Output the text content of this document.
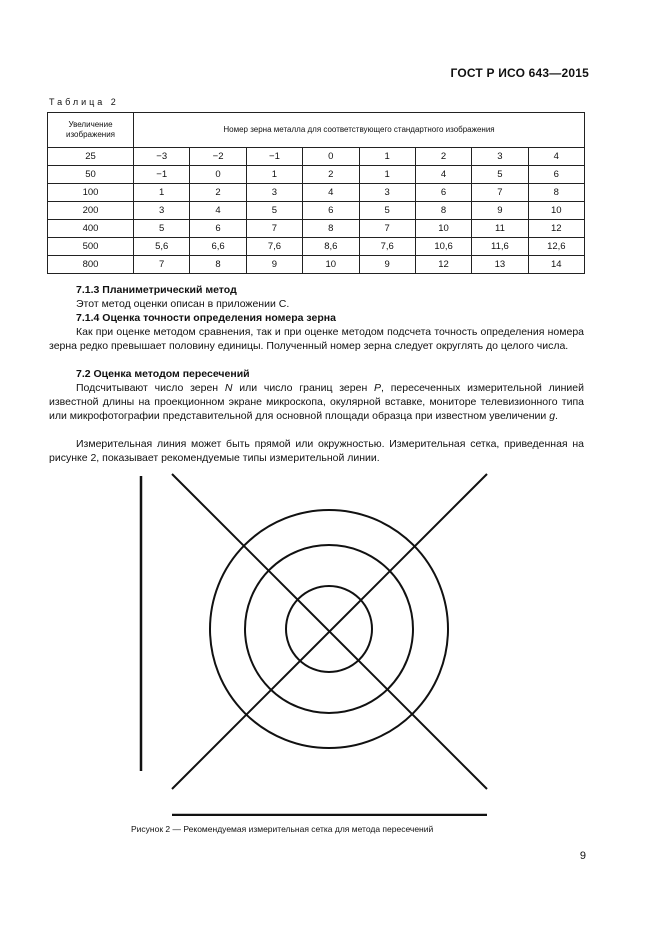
ГОСТ Р ИСО 643—2015
Таблица 2
Увеличение изображения	Номер зерна металла для соответствующего стандартного изображения							
25	−3	−2	−1	0	1	2	3	4
50	−1	0	1	2	1	4	5	6
100	1	2	3	4	3	6	7	8
200	3	4	5	6	5	8	9	10
400	5	6	7	8	7	10	11	12
500	5,6	6,6	7,6	8,6	7,6	10,6	11,6	12,6
800	7	8	9	10	9	12	13	14
7.1.3 Планиметрический метод
Этот метод оценки описан в приложении С.
7.1.4 Оценка точности определения номера зерна
Как при оценке методом сравнения, так и при оценке методом подсчета точность определения номера зерна редко превышает половину единицы. Полученный номер зерна следует округлять до целого числа.
7.2 Оценка методом пересечений
Подсчитывают число зерен N или число границ зерен P, пересеченных измерительной линией известной длины на проекционном экране микроскопа, окулярной вставке, мониторе телевизионного типа или микрофотографии представительной для основной площади образца при известном увеличении g.
Измерительная линия может быть прямой или окружностью. Измерительная сетка, приведенная на рисунке 2, показывает рекомендуемые типы измерительной линии.
Рисунок 2 — Рекомендуемая измерительная сетка для метода пересечений
9
